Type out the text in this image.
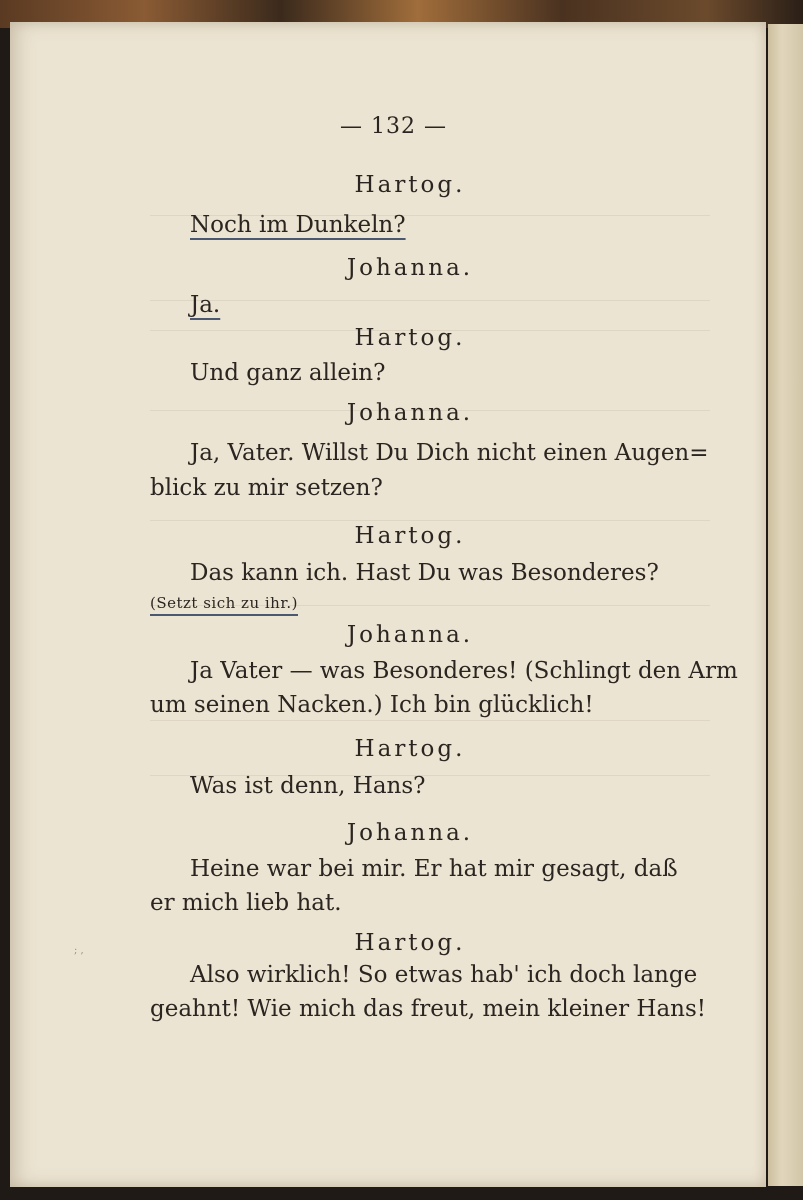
— 132 —
Hartog.
Noch im Dunkeln?
Johanna.
Ja.
Hartog.
Und ganz allein?
Johanna.
Ja, Vater. Willst Du Dich nicht einen Augen=
blick zu mir setzen?
Hartog.
Das kann ich. Hast Du was Besonderes?
(Setzt sich zu ihr.)
Johanna.
Ja Vater — was Besonderes! (Schlingt den Arm
um seinen Nacken.) Ich bin glücklich!
Hartog.
Was ist denn, Hans?
Johanna.
Heine war bei mir. Er hat mir gesagt, daß
er mich lieb hat.
Hartog.
Also wirklich! So etwas hab' ich doch lange
geahnt! Wie mich das freut, mein kleiner Hans!
; ,
